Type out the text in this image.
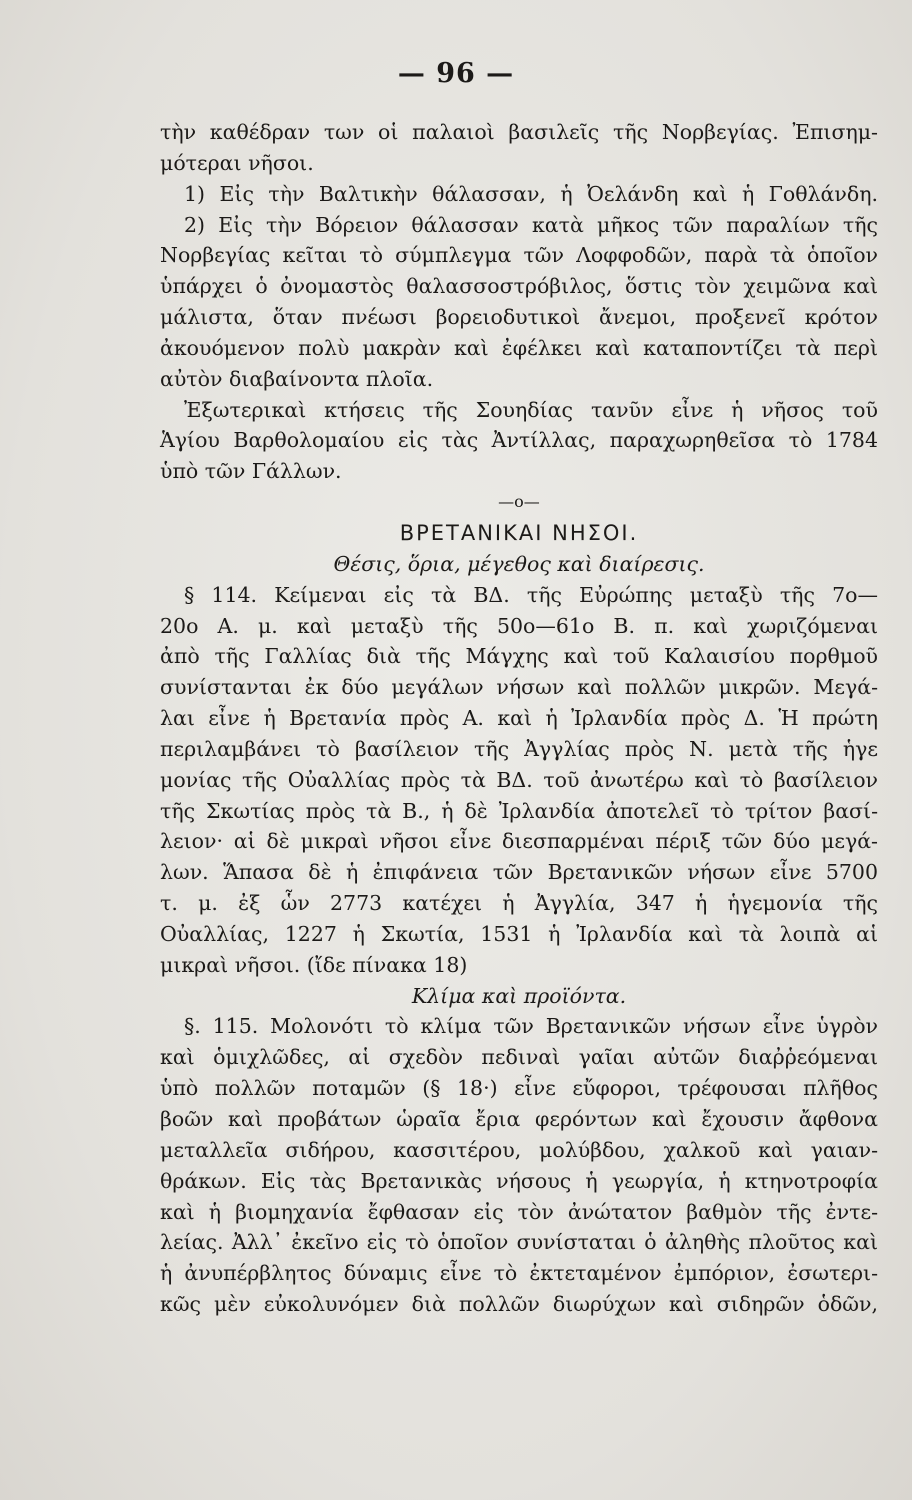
— 96 —
τὴν καθέδραν των οἱ παλαιοὶ βασιλεῖς τῆς Νορβεγίας. Ἐπισημ-
μότεραι νῆσοι.
1) Εἰς τὴν Βαλτικὴν θάλασσαν, ἡ Ὀελάνδη καὶ ἡ Γοθλάνδη.
2) Εἰς τὴν Βόρειον θάλασσαν κατὰ μῆκος τῶν παραλίων τῆς
Νορβεγίας κεῖται τὸ σύμπλεγμα τῶν Λοφφοδῶν, παρὰ τὰ ὁποῖον
ὑπάρχει ὁ ὀνομαστὸς θαλασσοστρόβιλος, ὅστις τὸν χειμῶνα καὶ
μάλιστα, ὅταν πνέωσι βορειοδυτικοὶ ἄνεμοι, προξενεῖ κρότον
ἀκουόμενον πολὺ μακρὰν καὶ ἐφέλκει καὶ καταποντίζει τὰ περὶ
αὐτὸν διαβαίνοντα πλοῖα.
Ἐξωτερικαὶ κτήσεις τῆς Σουηδίας τανῦν εἶνε ἡ νῆσος τοῦ
Ἁγίου Βαρθολομαίου εἰς τὰς Ἀντίλλας, παραχωρηθεῖσα τὸ 1784
ὑπὸ τῶν Γάλλων.
—o—
ΒΡΕΤΑΝΙΚΑΙ ΝΗΣΟΙ.
Θέσις, ὅρια, μέγεθος καὶ διαίρεσις.
§ 114. Κείμεναι εἰς τὰ ΒΔ. τῆς Εὐρώπης μεταξὺ τῆς 7ο—
20ο Α. μ. καὶ μεταξὺ τῆς 50ο—61ο Β. π. καὶ χωριζόμεναι
ἀπὸ τῆς Γαλλίας διὰ τῆς Μάγχης καὶ τοῦ Καλαισίου πορθμοῦ
συνίστανται ἐκ δύο μεγάλων νήσων καὶ πολλῶν μικρῶν. Μεγά-
λαι εἶνε ἡ Βρετανία πρὸς Α. καὶ ἡ Ἰρλανδία πρὸς Δ. Ἡ πρώτη
περιλαμβάνει τὸ βασίλειον τῆς Ἀγγλίας πρὸς Ν. μετὰ τῆς ἡγε
μονίας τῆς Οὐαλλίας πρὸς τὰ ΒΔ. τοῦ ἀνωτέρω καὶ τὸ βασίλειον
τῆς Σκωτίας πρὸς τὰ Β., ἡ δὲ Ἰρλανδία ἀποτελεῖ τὸ τρίτον βασί-
λειον· αἱ δὲ μικραὶ νῆσοι εἶνε διεσπαρμέναι πέριξ τῶν δύο μεγά-
λων. Ἅπασα δὲ ἡ ἐπιφάνεια τῶν Βρετανικῶν νήσων εἶνε 5700
τ. μ. ἐξ ὧν 2773 κατέχει ἡ Ἀγγλία, 347 ἡ ἡγεμονία τῆς
Οὐαλλίας, 1227 ἡ Σκωτία, 1531 ἡ Ἰρλανδία καὶ τὰ λοιπὰ αἱ
μικραὶ νῆσοι. (ἴδε πίνακα 18)
Κλίμα καὶ προϊόντα.
§. 115. Μολονότι τὸ κλίμα τῶν Βρετανικῶν νήσων εἶνε ὑγρὸν
καὶ ὁμιχλῶδες, αἱ σχεδὸν πεδιναὶ γαῖαι αὐτῶν διαῤῥεόμεναι
ὑπὸ πολλῶν ποταμῶν (§ 18·) εἶνε εὔφοροι, τρέφουσαι πλῆθος
βοῶν καὶ προβάτων ὡραῖα ἔρια φερόντων καὶ ἔχουσιν ἄφθονα
μεταλλεῖα σιδήρου, κασσιτέρου, μολύβδου, χαλκοῦ καὶ γαιαν-
θράκων. Εἰς τὰς Βρετανικὰς νήσους ἡ γεωργία, ἡ κτηνοτροφία
καὶ ἡ βιομηχανία ἔφθασαν εἰς τὸν ἀνώτατον βαθμὸν τῆς ἐντε-
λείας. Ἀλλ᾽ ἐκεῖνο εἰς τὸ ὁποῖον συνίσταται ὁ ἀληθὴς πλοῦτος καὶ
ἡ ἀνυπέρβλητος δύναμις εἶνε τὸ ἐκτεταμένον ἐμπόριον, ἐσωτερι-
κῶς μὲν εὐκολυνόμεν διὰ πολλῶν διωρύχων καὶ σιδηρῶν ὁδῶν,
